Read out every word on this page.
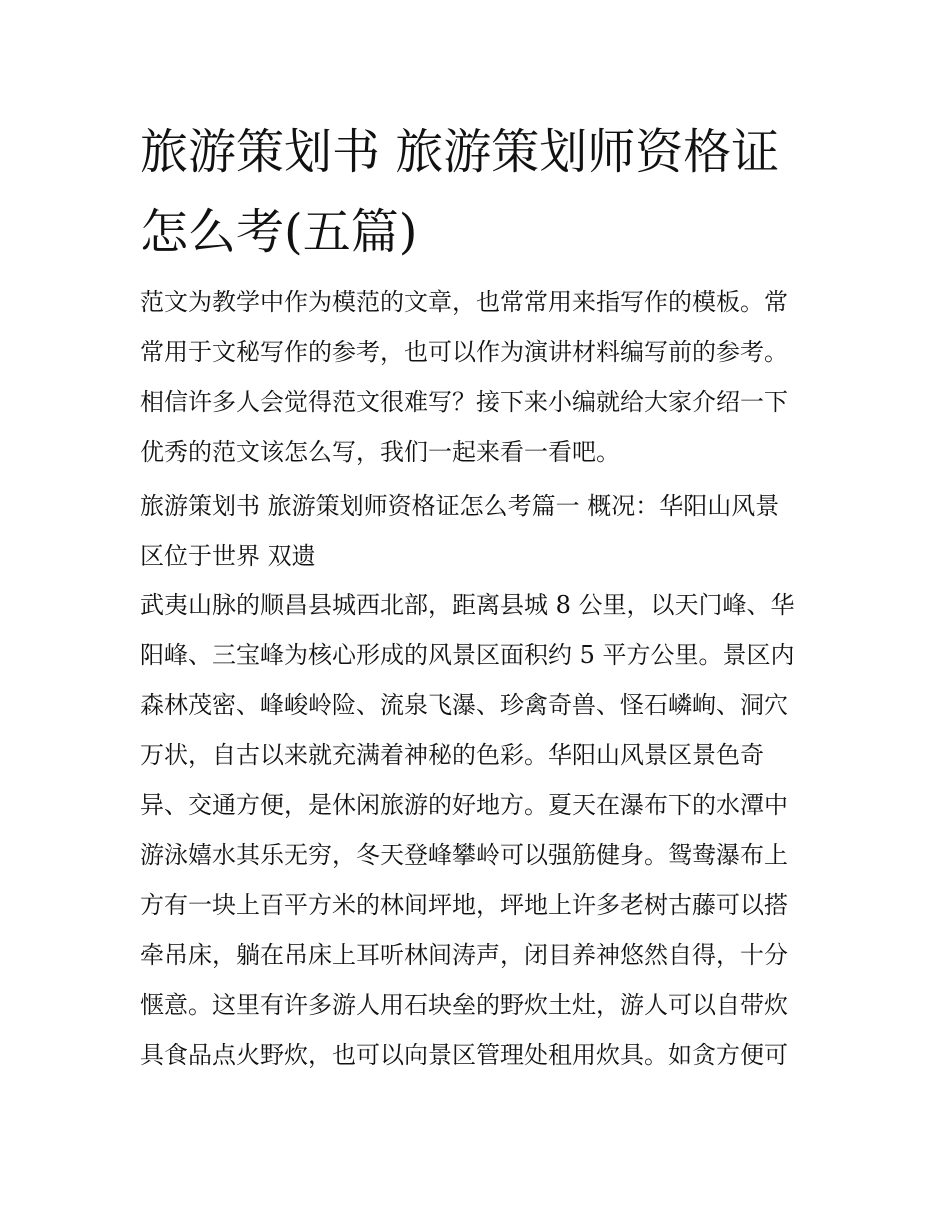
旅游策划书 旅游策划师资格证
怎么考(五篇)
范文为教学中作为模范的文章，也常常用来指写作的模板。常
常用于文秘写作的参考，也可以作为演讲材料编写前的参考。
相信许多人会觉得范文很难写？接下来小编就给大家介绍一下
优秀的范文该怎么写，我们一起来看一看吧。
旅游策划书 旅游策划师资格证怎么考篇一 概况：华阳山风景
区位于世界 双遗
武夷山脉的顺昌县城西北部，距离县城 8 公里，以天门峰、华
阳峰、三宝峰为核心形成的风景区面积约 5 平方公里。景区内
森林茂密、峰峻岭险、流泉飞瀑、珍禽奇兽、怪石嶙峋、洞穴
万状，自古以来就充满着神秘的色彩。华阳山风景区景色奇
异、交通方便，是休闲旅游的好地方。夏天在瀑布下的水潭中
游泳嬉水其乐无穷，冬天登峰攀岭可以强筋健身。鸳鸯瀑布上
方有一块上百平方米的林间坪地，坪地上许多老树古藤可以搭
牵吊床，躺在吊床上耳听林间涛声，闭目养神悠然自得，十分
惬意。这里有许多游人用石块垒的野炊土灶，游人可以自带炊
具食品点火野炊，也可以向景区管理处租用炊具。如贪方便可
